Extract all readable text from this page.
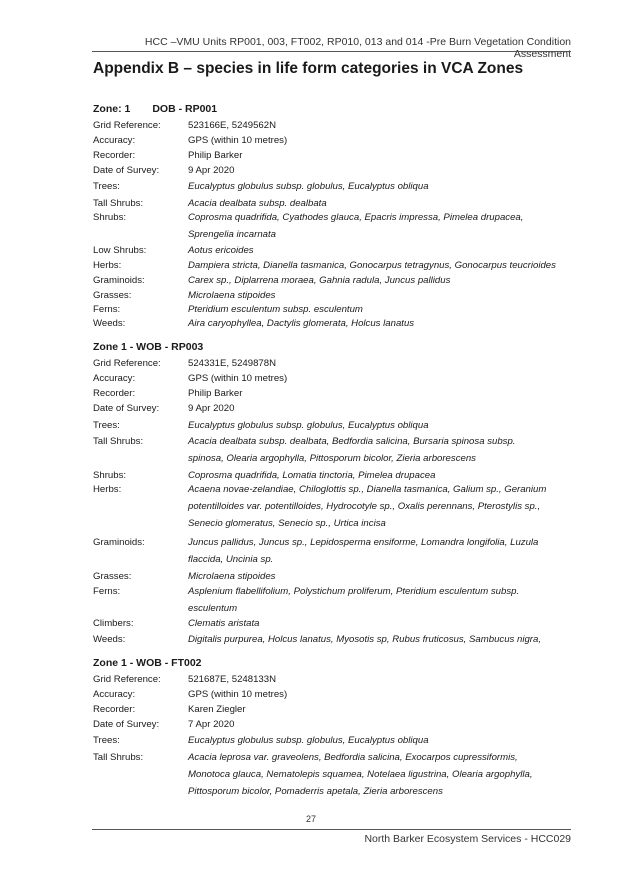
HCC –VMU Units RP001, 003, FT002, RP010, 013 and 014 -Pre Burn Vegetation Condition Assessment
Appendix B – species in life form categories in VCA Zones
Zone: 1 DOB - RP001
Grid Reference:	523166E, 5249562N
Accuracy:	GPS (within 10 metres)
Recorder:	Philip Barker
Date of Survey:	9 Apr 2020
Trees:	Eucalyptus globulus subsp. globulus, Eucalyptus obliqua
Tall Shrubs:	Acacia dealbata subsp. dealbata
Shrubs:	Coprosma quadrifida, Cyathodes glauca, Epacris impressa, Pimelea drupacea,
Sprengelia incarnata
Low Shrubs:	Aotus ericoides
Herbs:	Dampiera stricta, Dianella tasmanica, Gonocarpus tetragynus, Gonocarpus teucrioides
Graminoids:	Carex sp., Diplarrena moraea, Gahnia radula, Juncus pallidus
Grasses:	Microlaena stipoides
Ferns:	Pteridium esculentum subsp. esculentum
Weeds:	Aira caryophyllea, Dactylis glomerata, Holcus lanatus
Zone 1 - WOB - RP003
Grid Reference:	524331E, 5249878N
Accuracy:	GPS (within 10 metres)
Recorder:	Philip Barker
Date of Survey:	9 Apr 2020
Trees:	Eucalyptus globulus subsp. globulus, Eucalyptus obliqua
Tall Shrubs:	Acacia dealbata subsp. dealbata, Bedfordia salicina, Bursaria spinosa subsp.
spinosa, Olearia argophylla, Pittosporum bicolor, Zieria arborescens
Shrubs:	Coprosma quadrifida, Lomatia tinctoria, Pimelea drupacea
Herbs:	Acaena novae-zelandiae, Chiloglottis sp., Dianella tasmanica, Galium sp., Geranium
potentilloides var. potentilloides, Hydrocotyle sp., Oxalis perennans, Pterostylis sp.,
Senecio glomeratus, Senecio sp., Urtica incisa
Graminoids:	Juncus pallidus, Juncus sp., Lepidosperma ensiforme, Lomandra longifolia, Luzula
flaccida, Uncinia sp.
Grasses:	Microlaena stipoides
Ferns:	Asplenium flabellifolium, Polystichum proliferum, Pteridium esculentum subsp.
esculentum
Climbers:	Clematis aristata
Weeds:	Digitalis purpurea, Holcus lanatus, Myosotis sp, Rubus fruticosus, Sambucus nigra,
Zone 1 - WOB - FT002
Grid Reference:	521687E, 5248133N
Accuracy:	GPS (within 10 metres)
Recorder:	Karen Ziegler
Date of Survey:	7 Apr 2020
Trees:	Eucalyptus globulus subsp. globulus, Eucalyptus obliqua
Tall Shrubs:	Acacia leprosa var. graveolens, Bedfordia salicina, Exocarpos cupressiformis,
Monotoca glauca, Nematolepis squamea, Notelaea ligustrina, Olearia argophylla,
Pittosporum bicolor, Pomaderris apetala, Zieria arborescens
27
North Barker Ecosystem Services - HCC029
